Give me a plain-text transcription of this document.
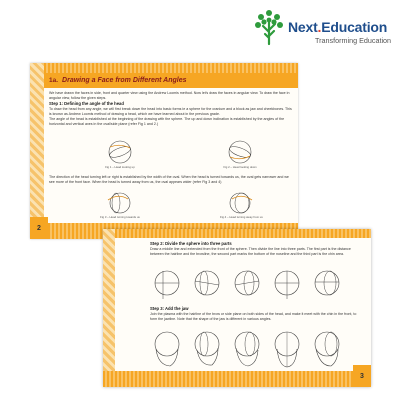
Next.Education
Transforming Education
1a. Drawing a Face from Different Angles

We have drawn the faces in side, front and quarter view using the Andrew Loomis method. Now let's draw the faces in angular view. To draw the face in angular view, follow the given steps.

Step 1: Defining the angle of the head

To draw the head from any angle, we will first break down the head into basic forms ie a sphere for the cranium and a block as jaw and cheekbones. This is known as Andrew Loomis method of drawing a head, which we have learned about in the previous grade.

The angle of the head is established at the beginning of the drawing with the sphere. The up and down inclination is established by the angles of the horizontal and vertical axes in the oval/side plane (refer Fig 1 and 2.)

Fig 1 – Head looking up	Fig 2 – Head looking down

The direction of the head turning left or right is established by the width of the oval. When the head is turned towards us, the oval gets narrower and we see more of the front face. When the head is turned away from us, the oval appears wider (refer Fig 3 and 4)

Fig 3 – Head turning towards us	Fig 4 – Head turning away from us
2

Step 2: Divide the sphere into three parts

Draw a middle line and extended from the front of the sphere. Then divide the line into three parts. The first part is the distance between the hairline and the browline, the second part marks the bottom of the noseline and the third part is the chin area.

Step 3: Add the jaw

Join the plasma with the hairline of the brow or side plane on both sides of the head, and make it meet with the chin in the front, to form the jawline. Note that the shape of the jaw is different in various angles.

3
